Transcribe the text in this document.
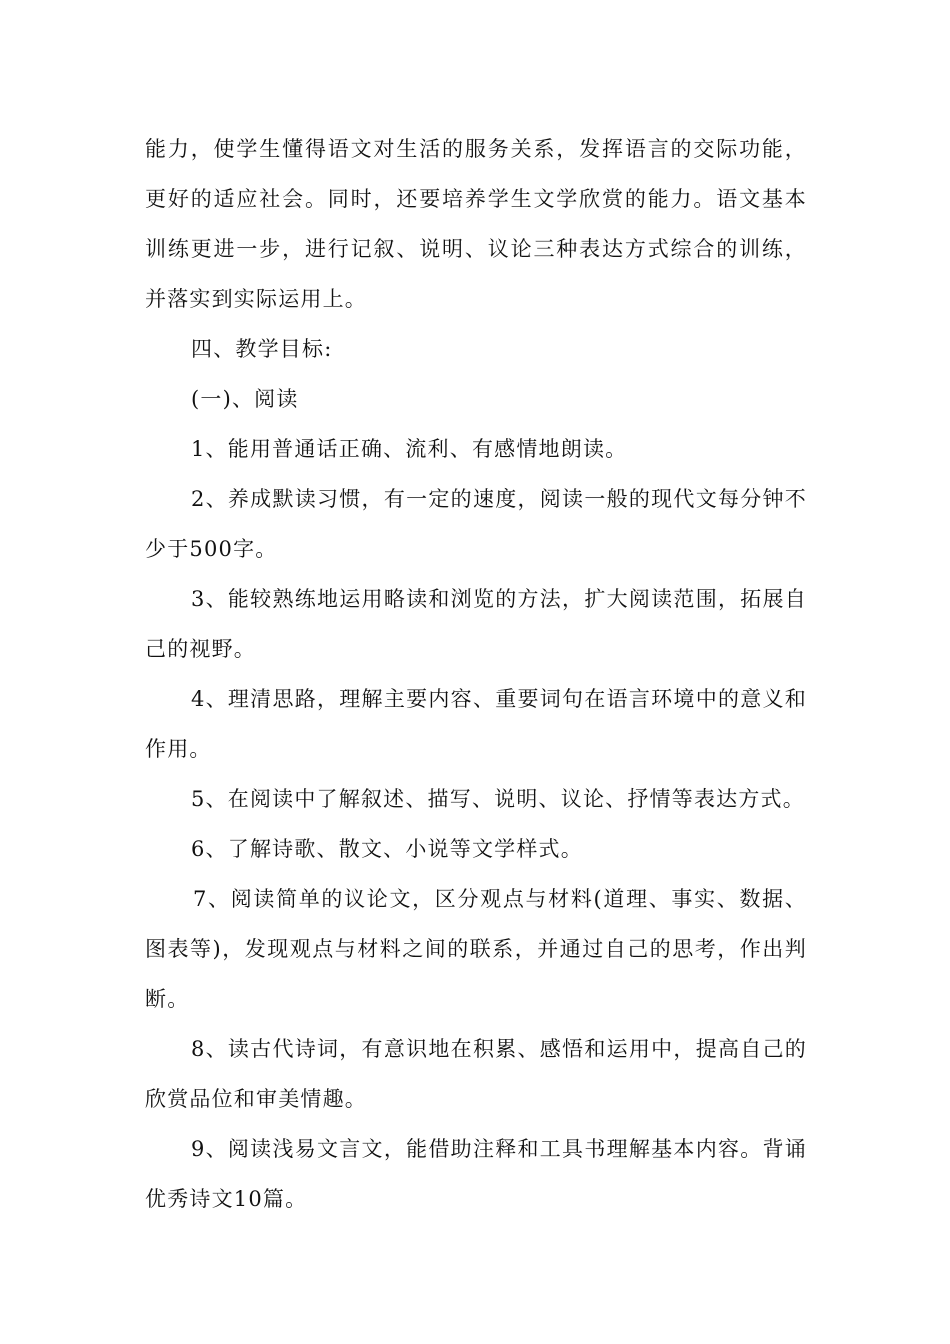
能力，使学生懂得语文对生活的服务关系，发挥语言的交际功能，更好的适应社会。同时，还要培养学生文学欣赏的能力。语文基本训练更进一步，进行记叙、说明、议论三种表达方式综合的训练，并落实到实际运用上。

四、教学目标:

(一)、阅读

1、能用普通话正确、流利、有感情地朗读。

2、养成默读习惯，有一定的速度，阅读一般的现代文每分钟不少于500字。

3、能较熟练地运用略读和浏览的方法，扩大阅读范围，拓展自己的视野。

4、理清思路，理解主要内容、重要词句在语言环境中的意义和作用。

5、在阅读中了解叙述、描写、说明、议论、抒情等表达方式。

6、了解诗歌、散文、小说等文学样式。

7、阅读简单的议论文，区分观点与材料(道理、事实、数据、图表等)，发现观点与材料之间的联系，并通过自己的思考，作出判断。

8、读古代诗词，有意识地在积累、感悟和运用中，提高自己的欣赏品位和审美情趣。

9、阅读浅易文言文，能借助注释和工具书理解基本内容。背诵优秀诗文10篇。
